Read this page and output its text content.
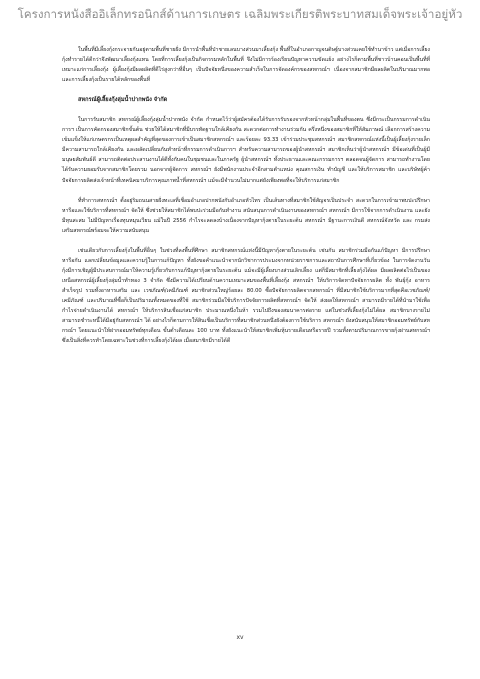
โครงการหนังสืออิเล็กทรอนิกส์ด้านการเกษตร เฉลิมพระเกียรติพระบาทสมเด็จพระเจ้าอยู่หัว

ในพื้นที่มีเลี้ยงกุ้งกระจายกันอยู่ตามพื้นที่ชายฝั่ง มีการนำพื้นที่ป่าชายเลนบางส่วนมาเลี้ยงกุ้ง พื้นที่ในอำเภอกาญจนดิษฐ์บางส่วนเคยใช้ทำนาข้าว แต่เมื่อการเลี้ยงกุ้งทำรายได้ดีกว่าจึงพัฒนาเลี้ยงกุ้งแทน โดยที่การเลี้ยงกุ้งเป็นกิจกรรมหลักในพื้นที่ จึงไม่มีการร้องเรียนปัญหาความขัดแย้ง อย่างไรก็ตามพื้นที่ชาวบ้านคอนเป็นพื้นที่ที่เหมาะแก่การเลี้ยงกุ้ง ผู้เลี้ยงกุ้งมีผลผลิตที่ดีไร่สูงกว่าที่อื่นๆ เป็นปัจจัยหนึ่งของความสำเร็จในการจัดองค์กรของสหกรณ์ฯ เนื่องจากสมาชิกมีผลผลิตในปริมาณมากพอ และการเลี้ยงกุ้งเป็นรายได้หลักของพื้นที่

สหกรณ์ผู้เลี้ยงกุ้งลุ่มน้ำปากพนัง จำกัด

ในการรับสมาชิก สหกรณ์ผู้เลี้ยงกุ้งลุ่มน้ำปากพนัง จำกัด กำหนดไว้ว่าผู้สมัครต้องได้รับการรับรองจากหัวหน้ากลุ่มในพื้นที่ของตน ซึ่งมีกระเป็นกรรมการดำเนินการฯ เป็นการคัดกรองสมาชิกขั้นต้น ช่วยให้ได้สมาชิกที่มีบรรทัดฐานใกล้เคียงกัน สะดวกต่อการทำงานร่วมกัน ครึ่งหนึ่งของสมาชิกที่ให้สัมภาษณ์ เลือกการสร้างความเข้มแข็งให้แก่เกษตรกรเป็นเหตุผลสำคัญที่สุดของการเข้าเป็นสมาชิกสหกรณ์ฯ และร้อยละ 93.33 เข้าร่วมประชุมสหกรณ์ฯ สมาชิกสหกรณ์แห่งนี้เป็นผู้เลี้ยงกุ้งรายเล็ก มีความสามารถใกล้เคียงกัน และผลัดเปลี่ยนกันทำหน้าที่กรรมการดำเนินการฯ สำหรับความสามารถของผู้นำสหกรณ์ฯ สมาชิกเห็นว่าผู้นำสหกรณ์ฯ มีข้อเด่นที่เป็นผู้มีมนุษยสัมพันธ์ดี สามารถติดต่อประสานงานได้ดีทั้งกับคนในชุมชนและในภาครัฐ ผู้นำสหกรณ์ฯ ทั้งประธานและคณะกรรมการฯ ตลอดจนผู้จัดการ สามารถทำงานโดยได้รับความยอมรับจากสมาชิกโดยรวม นอกจากผู้จัดการ สหกรณ์ฯ ยังมีพนักงานประจำอีกสามตำแหน่ง คุณสการเงิน ทำบัญชี และให้บริการสมาชิก และบริษัทผู้ค้าปัจจัยการผลิตส่งเจ้าหน้าที่เทคนิคมาบริการคุณภาพน้ำที่สหกรณ์ฯ แม้จะมีจำนวนไม่มากแต่ยังเพียงพอที่จะให้บริการแก่สมาชิก

ที่ทำการสหกรณ์ฯ ตั้งอยู่ริมถนนสายฝั่งทะเลที่เชื่อมอำเภอปากพนังกับอำเภอหัวไทร เป็นเส้นทางที่สมาชิกใช้สัญจรเป็นประจำ สะดวกในการเข้ามาพบปะปรึกษาหารือและใช้บริการที่สหกรณ์ฯ จัดให้ ซึ่งช่วยให้สมาชิกได้พบปะร่วมมือกันทำงาน สนับสนุนการดำเนินงานของสหกรณ์ฯ สหกรณ์ฯ มีการใช้จากการดำเนินงาน และยังมีทุนสะสม ไม่มีปัญหาเรื่องทุนหมุนเวียน แม้ในปี 2556 กำไรจะลดลงบ้างเนื่องจากปัญหากุ้งตายในระยะต้น สหกรณ์ฯ มีฐานะการเงินดี สหกรณ์จังหวัด และ กรมส่งเสริมสหกรณ์พร้อมจะให้ความสนับสนุน

เช่นเดียวกับการเลี้ยงกุ้งในพื้นที่อื่นๆ ในช่วงที่ลงพื้นที่ศึกษา สมาชิกสหกรณ์แห่งนี้มีปัญหากุ้งตายในระยะต้น เช่นกัน สมาชิกร่วมมือกันแก้ปัญหา มีการปรึกษาหารือกัน แลกเปลี่ยนข้อมูลและความรู้ในการแก้ปัญหา ทั้งยังขอคำแนะนำจากนักวิชาการประมงจากหน่วยราชการและสถาบันการศึกษาที่เกี่ยวข้อง ในการจัดงานวันกุ้งมีการเชิญผู้มีประสบการณ์มาให้ความรู้เกี่ยวกับการแก้ปัญหากุ้งตายในระยะต้น แม้จะมีผู้เลี้ยงบางส่วนเลิกเลี้ยง แต่ก็มีสมาชิกที่เลี้ยงกุ้งได้ผล มีผลผลิตต่อไร่เป็นของเหนือสหกรณ์ผู้เลี้ยงกุ้งลุ่มน้ำทำทอง 3 จำกัด ซึ่งมีความได้เปรียบด้านความเหมาะสมของพื้นที่เลี้ยงกุ้ง สหกรณ์ฯ ให้บริการจัดหาปัจจัยการผลิต ทั้ง พันธุ์กุ้ง อาหารสำเร็จรูป รวมทั้งอาหารเสริม และ เวชภัณฑ์/เคมีภัณฑ์ สมาชิกส่วนใหญ่ร้อยละ 80.00 ซื้อปัจจัยการผลิตจากสหกรณ์ฯ ที่มีสมาชิกใช้บริการมากที่สุดคือเวชภัณฑ์/เคมีภัณฑ์ และปริมาณที่ซื้อก็เป็นปริมาณทั้งหมดของที่ใช้ สมาชิกร่วมมือใช้บริการปัจจัยการผลิตที่สหกรณ์ฯ จัดให้ ส่งผลให้สหกรณ์ฯ สามารถมีรายได้ที่นำมาใช้เพื่อกำไรจ่ายดำเนินงานได้ สหกรณ์ฯ ให้บริการสินเชื่อแก่สมาชิก ประมาณหนึ่งในห้า รวมไปถึงของสมนาคารต่อราย แต่ในช่วงที่เลี้ยงกุ้งไม่ได้ผล สมาชิกบางรายไม่สามารถชำระหนี้ได้มีอยู่กับสหกรณ์ฯ ได้ อย่างไรก็ตามการให้สินเชื่อเป็นบริการที่สมาชิกส่วนหนึ่งยังต้องการใช้บริการ สหกรณ์ฯ ยังสนับสนุนให้สมาชิกออมทรัพย์กับสหกรณ์ฯ โดยแนะนำให้ฝากออมทรัพย์ทุกเดือน ขั้นต่ำเดือนละ 100 บาท ทั้งยังแนะนำให้สมาชิกเพิ่มหุ้นรายเดือนหรือรายปี รวมทั้งตามปริมาณการขายกุ้งผ่านสหกรณ์ฯ ซึ่งเป็นสิ่งที่ควรทำโดยเฉพาะในช่วงที่การเลี้ยงกุ้งได้ผล เมื่อสมาชิกมีรายได้ดี

xv
